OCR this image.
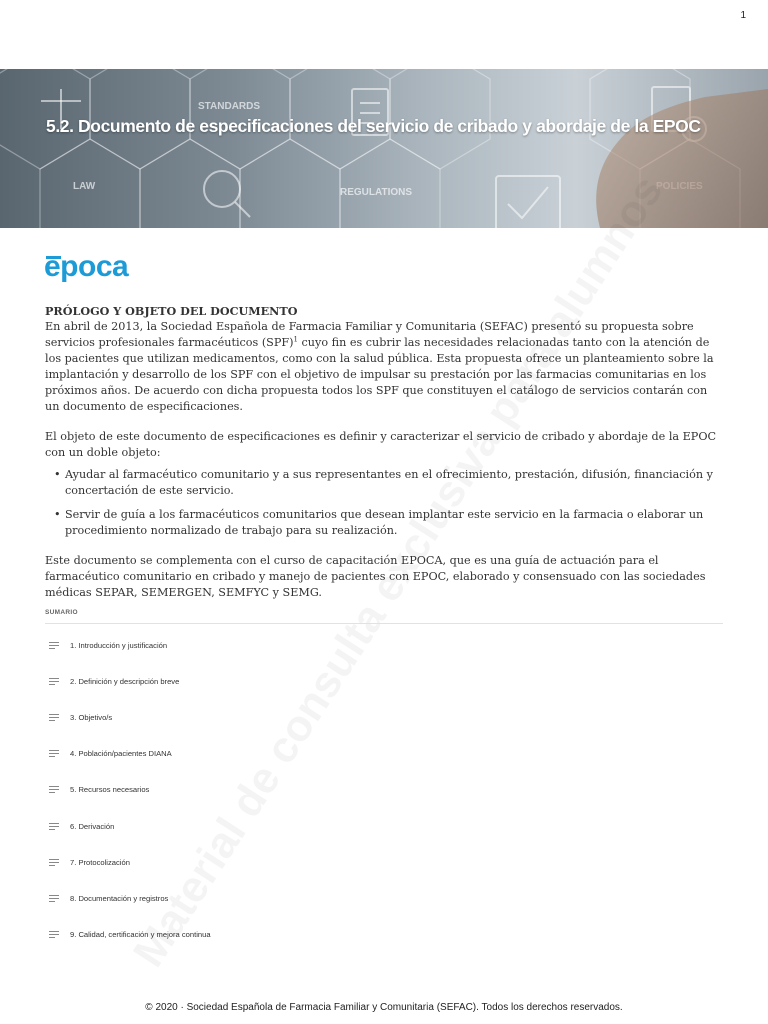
1
STANDARDS
LAW
REGULATIONS
5.2. Documento de especificaciones del servicio de cribado y abordaje de la EPOC
epoca
PRÓLOGO Y OBJETO DEL DOCUMENTO

En abril de 2013, la Sociedad Española de Farmacia Familiar y Comunitaria (SEFAC) presentó su propuesta sobre servicios profesionales farmacéuticos (SPF)$^1$ cuyo fin es cubrir las necesidades relacionadas tanto con la atención de los pacientes que utilizan medicamentos, como con la salud pública. Esta propuesta ofrece un planteamiento sobre la implantación y desarrollo de los SPF con el objetivo de impulsar su prestación por las farmacias comunitarias en los próximos años. De acuerdo con dicha propuesta todos los SPF que constituyen el catálogo de servicios contarán con un documento de especificaciones.

El objeto de este documento de especificaciones es definir y caracterizar el servicio de cribado y abordaje de la EPOC con un doble objeto:

• Ayudar al farmacéutico comunitario y a sus representantes en el ofrecimiento, prestación, difusión, financiación y concertación de este servicio.
• Servir de guía a los farmacéuticos comunitarios que desean implantar este servicio en la farmacia o elaborar un procedimiento normalizado de trabajo para su realización.

Este documento se complementa con el curso de capacitación EPOCA, que es una guía de actuación para el farmacéutico comunitario en cribado y manejo de pacientes con EPOC, elaborado y consensuado con las sociedades médicas SEPAR, SEMERGEN, SEMFYC y SEMG.

SUMARIO
1. Introducción y justificación
2. Definición y descripción breve
3. Objetivo/s
4. Población/pacientes DIANA
5. Recursos necesarios
6. Derivación
7. Protocolización
8. Documentación y registros
9. Calidad, certificación y mejora continua
© 2020 · Sociedad Española de Farmacia Familiar y Comunitaria (SEFAC). Todos los derechos reservados.
